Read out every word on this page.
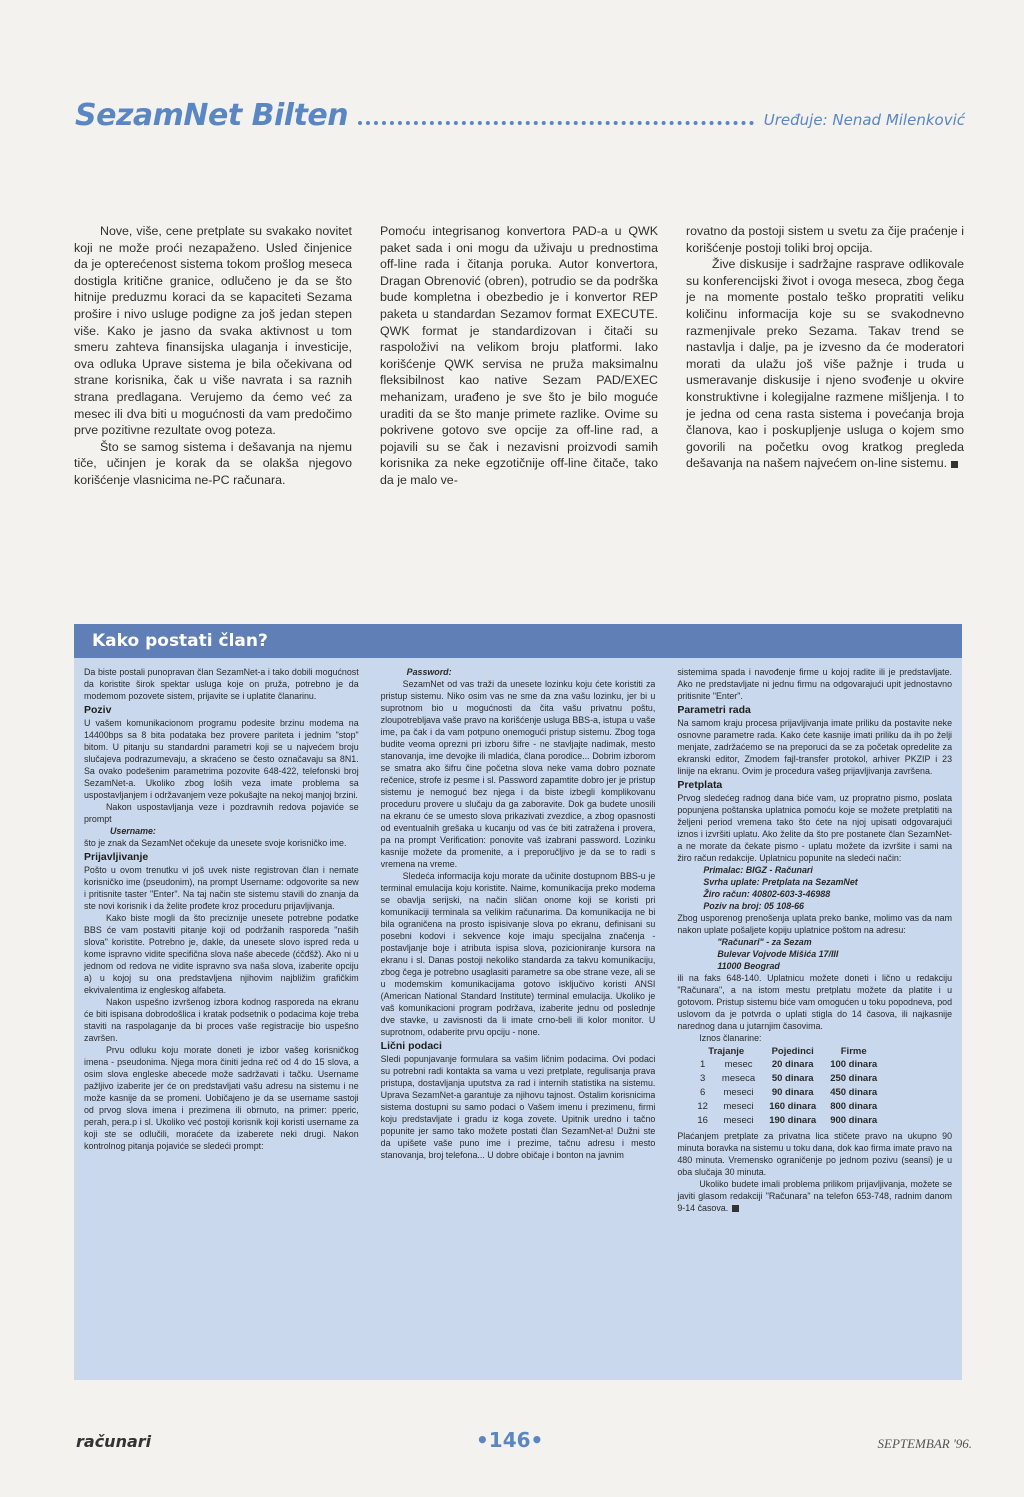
SezamNet Bilten	Uređuje: Nenad Milenković

Nove, više, cene pretplate su svakako novitet koji ne može proći nezapaženo. Usled činjenice da je opterećenost sistema tokom prošlog meseca dostigla kritične granice, odlučeno je da se što hitnije preduzmu koraci da se kapaciteti Sezama prošire i nivo usluge podigne za još jedan stepen više. Kako je jasno da svaka aktivnost u tom smeru zahteva finansijska ulaganja i investicije, ova odluka Uprave sistema je bila očekivana od strane korisnika, čak u više navrata i sa raznih strana predlagana. Verujemo da ćemo već za mesec ili dva biti u mogućnosti da vam predočimo prve pozitivne rezultate ovog poteza.

Što se samog sistema i dešavanja na njemu tiče, učinjen je korak da se olakša njegovo korišćenje vlasnicima ne-PC računara.

Pomoću integrisanog konvertora PAD-a u QWK paket sada i oni mogu da uživaju u prednostima off-line rada i čitanja poruka. Autor konvertora, Dragan Obrenović (obren), potrudio se da podrška bude kompletna i obezbedio je i konvertor REP paketa u standardan Sezamov format EXECUTE. QWK format je standardizovan i čitači su raspoloživi na velikom broju platformi. Iako korišćenje QWK servisa ne pruža maksimalnu fleksibilnost kao native Sezam PAD/EXEC mehanizam, urađeno je sve što je bilo moguće uraditi da se što manje primete razlike. Ovime su pokrivene gotovo sve opcije za off-line rad, a pojavili su se čak i nezavisni proizvodi samih korisnika za neke egzotičnije off-line čitače, tako da je malo ve-

rovatno da postoji sistem u svetu za čije praćenje i korišćenje postoji toliki broj opcija.

Žive diskusije i sadržajne rasprave odlikovale su konferencijski život i ovoga meseca, zbog čega je na momente postalo teško propratiti veliku količinu informacija koje su se svakodnevno razmenjivale preko Sezama. Takav trend se nastavlja i dalje, pa je izvesno da će moderatori morati da ulažu još više pažnje i truda u usmeravanje diskusije i njeno svođenje u okvire konstruktivne i kolegijalne razmene mišljenja. I to je jedna od cena rasta sistema i povećanja broja članova, kao i poskupljenje usluga o kojem smo govorili na početku ovog kratkog pregleda dešavanja na našem najvećem on-line sistemu.

Kako postati član?

Da biste postali punopravan član SezamNet-a i tako dobili mogućnost da koristite širok spektar usluga koje on pruža, potrebno je da modemom pozovete sistem, prijavite se i uplatite članarinu.

Poziv

U vašem komunikacionom programu podesite brzinu modema na 14400bps sa 8 bita podataka bez provere pariteta i jednim "stop" bitom. U pitanju su standardni parametri koji se u najvećem broju slučajeva podrazumevaju, a skraćeno se često označavaju sa 8N1. Sa ovako podešenim parametrima pozovite 648-422, telefonski broj SezamNet-a. Ukoliko zbog loših veza imate problema sa uspostavljanjem i održavanjem veze pokušajte na nekoj manjoj brzini.

Nakon uspostavljanja veze i pozdravnih redova pojaviće se prompt

Username:

što je znak da SezamNet očekuje da unesete svoje korisničko ime.

Prijavljivanje

Pošto u ovom trenutku vi još uvek niste registrovan član i nemate korisničko ime (pseudonim), na prompt Username: odgovorite sa new i pritisnite taster "Enter". Na taj način ste sistemu stavili do znanja da ste novi korisnik i da želite prođete kroz proceduru prijavljivanja.

Kako biste mogli da što preciznije unesete potrebne podatke BBS će vam postaviti pitanje koji od podržanih rasporeda "naših slova" koristite. Potrebno je, dakle, da unesete slovo ispred reda u kome ispravno vidite specifična slova naše abecede (ćčđšž). Ako ni u jednom od redova ne vidite ispravno sva naša slova, izaberite opciju a) u kojoj su ona predstavljena njihovim najbližim grafičkim ekvivalentima iz engleskog alfabeta.

Nakon uspešno izvršenog izbora kodnog rasporeda na ekranu će biti ispisana dobrodošlica i kratak podsetnik o podacima koje treba staviti na raspolaganje da bi proces vaše registracije bio uspešno završen.

Prvu odluku koju morate doneti je izbor vašeg korisničkog imena - pseudonima. Njega mora činiti jedna reč od 4 do 15 slova, a osim slova engleske abecede može sadržavati i tačku. Username pažljivo izaberite jer će on predstavljati vašu adresu na sistemu i ne može kasnije da se promeni. Uobičajeno je da se username sastoji od prvog slova imena i prezimena ili obrnuto, na primer: pperic, perah, pera.p i sl. Ukoliko već postoji korisnik koji koristi username za koji ste se odlučili, moraćete da izaberete neki drugi. Nakon kontrolnog pitanja pojaviće se sledeći prompt:

Password:

SezamNet od vas traži da unesete lozinku koju ćete koristiti za pristup sistemu. Niko osim vas ne sme da zna vašu lozinku, jer bi u suprotnom bio u mogućnosti da čita vašu privatnu poštu, zloupotrebljava vaše pravo na korišćenje usluga BBS-a, istupa u vaše ime, pa čak i da vam potpuno onemogući pristup sistemu. Zbog toga budite veoma oprezni pri izboru šifre - ne stavljajte nadimak, mesto stanovanja, ime devojke ili mladića, člana porodice... Dobrim izborom se smatra ako šifru čine početna slova neke vama dobro poznate rečenice, strofe iz pesme i sl. Password zapamtite dobro jer je pristup sistemu je nemoguć bez njega i da biste izbegli komplikovanu proceduru provere u slučaju da ga zaboravite. Dok ga budete unosili na ekranu će se umesto slova prikazivati zvezdice, a zbog opasnosti od eventualnih grešaka u kucanju od vas će biti zatražena i provera, pa na prompt Verification: ponovite vaš izabrani password. Lozinku kasnije možete da promenite, a i preporučljivo je da se to radi s vremena na vreme.

Sledeća informacija koju morate da učinite dostupnom BBS-u je terminal emulacija koju koristite. Naime, komunikacija preko modema se obavlja serijski, na način sličan onome koji se koristi pri komunikaciji terminala sa velikim računarima. Da komunikacija ne bi bila ograničena na prosto ispisivanje slova po ekranu, definisani su posebni kodovi i sekvence koje imaju specijalna značenja - postavljanje boje i atributa ispisa slova, pozicioniranje kursora na ekranu i sl. Danas postoji nekoliko standarda za takvu komunikaciju, zbog čega je potrebno usaglasiti parametre sa obe strane veze, ali se u modemskim komunikacijama gotovo isključivo koristi ANSI (American National Standard Institute) terminal emulacija. Ukoliko je vaš komunikacioni program podržava, izaberite jednu od poslednje dve stavke, u zavisnosti da li imate crno-beli ili kolor monitor. U suprotnom, odaberite prvu opciju - none.

Lični podaci

Sledi popunjavanje formulara sa vašim ličnim podacima. Ovi podaci su potrebni radi kontakta sa vama u vezi pretplate, regulisanja prava pristupa, dostavljanja uputstva za rad i internih statistika na sistemu. Uprava SezamNet-a garantuje za njihovu tajnost. Ostalim korisnicima sistema dostupni su samo podaci o Vašem imenu i prezimenu, firmi koju predstavljate i gradu iz koga zovete. Upitnik uredno i tačno popunite jer samo tako možete postati član SezamNet-a! Dužni ste da upišete vaše puno ime i prezime, tačnu adresu i mesto stanovanja, broj telefona... U dobre običaje i bonton na javnim

sistemima spada i navođenje firme u kojoj radite ili je predstavljate. Ako ne predstavljate ni jednu firmu na odgovarajući upit jednostavno pritisnite "Enter".

Parametri rada

Na samom kraju procesa prijavljivanja imate priliku da postavite neke osnovne parametre rada. Kako ćete kasnije imati priliku da ih po želji menjate, zadržaćemo se na preporuci da se za početak opredelite za ekranski editor, Zmodem fajl-transfer protokol, arhiver PKZIP i 23 linije na ekranu. Ovim je procedura vašeg prijavljivanja završena.

Pretplata

Prvog sledećeg radnog dana biće vam, uz propratno pismo, poslata popunjena poštanska uplatnica pomoću koje se možete pretplatiti na željeni period vremena tako što ćete na njoj upisati odgovarajući iznos i izvršiti uplatu. Ako želite da što pre postanete član SezamNet-a ne morate da čekate pismo - uplatu možete da izvršite i sami na žiro račun redakcije. Uplatnicu popunite na sledeći način:

Primalac: BIGZ - Računari

Svrha uplate: Pretplata na SezamNet

Žiro račun: 40802-603-3-46988

Poziv na broj: 05 108-66

Zbog usporenog prenošenja uplata preko banke, molimo vas da nam nakon uplate pošaljete kopiju uplatnice poštom na adresu:

"Računari" - za Sezam

Bulevar Vojvode Mišića 17/III

11000 Beograd

ili na faks 648-140. Uplatnicu možete doneti i lično u redakciju "Računara", a na istom mestu pretplatu možete da platite i u gotovom. Pristup sistemu biće vam omogućen u toku popodneva, pod uslovom da je potvrda o uplati stigla do 14 časova, ili najkasnije narednog dana u jutarnjim časovima.

Iznos članarine:

Trajanje		Pojedinci	Firme
1	mesec	20 dinara	100 dinara
3	meseca	50 dinara	250 dinara
6	meseci	90 dinara	450 dinara
12	meseci	160 dinara	800 dinara
16	meseci	190 dinara	900 dinara

Plaćanjem pretplate za privatna lica stičete pravo na ukupno 90 minuta boravka na sistemu u toku dana, dok kao firma imate pravo na 480 minuta. Vremensko ograničenje po jednom pozivu (seansi) je u oba slučaja 30 minuta.

Ukoliko budete imali problema prilikom prijavljivanja, možete se javiti glasom redakciji "Računara" na telefon 653-748, radnim danom 9-14 časova.

računari	•146•	SEPTEMBAR '96.
